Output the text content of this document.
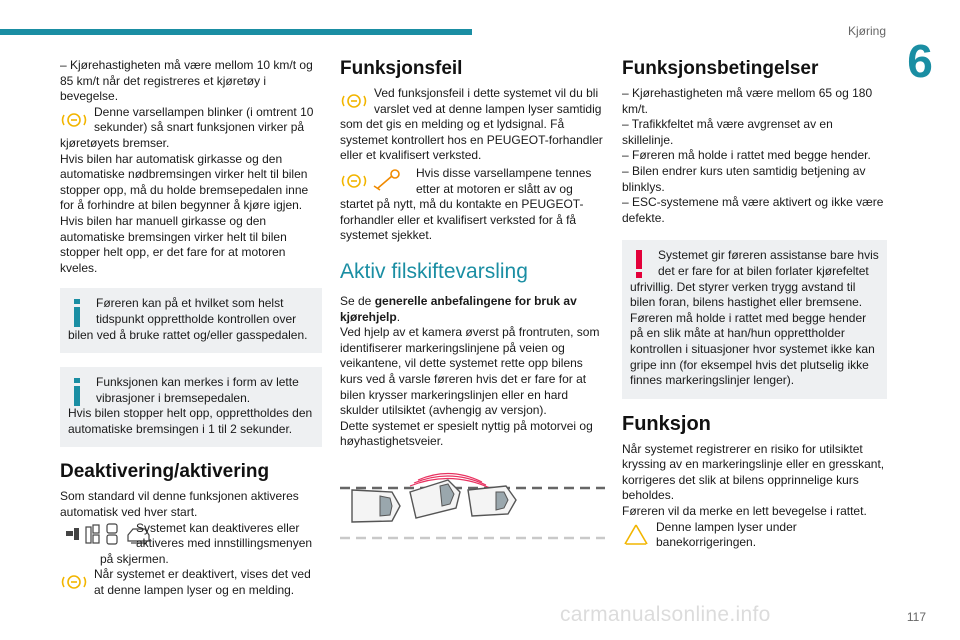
Kjøring
6

– Kjørehastigheten må være mellom 10 km/t og 85 km/t når det registreres et kjøretøy i bevegelse.

Denne varsellampen blinker (i omtrent 10 sekunder) så snart funksjonen virker på kjøretøyets bremser.

Hvis bilen har automatisk girkasse og den automatiske nødbremsingen virker helt til bilen stopper opp, må du holde bremsepedalen inne for å forhindre at bilen begynner å kjøre igjen.

Hvis bilen har manuell girkasse og den automatiske bremsingen virker helt til bilen stopper helt opp, er det fare for at motoren kveles.

Føreren kan på et hvilket som helst tidspunkt opprettholde kontrollen over bilen ved å bruke rattet og/eller gasspedalen.

Funksjonen kan merkes i form av lette vibrasjoner i bremsepedalen.

Hvis bilen stopper helt opp, opprettholdes den automatiske bremsingen i 1 til 2 sekunder.

Deaktivering/aktivering

Som standard vil denne funksjonen aktiveres automatisk ved hver start.

Systemet kan deaktiveres eller aktiveres med innstillingsmenyen på skjermen.

Når systemet er deaktivert, vises det ved at denne lampen lyser og en melding.

Funksjonsfeil

Ved funksjonsfeil i dette systemet vil du bli varslet ved at denne lampen lyser samtidig som det gis en melding og et lydsignal. Få systemet kontrollert hos en PEUGEOT-forhandler eller et kvalifisert verksted.

Hvis disse varsellampene tennes etter at motoren er slått av og startet på nytt, må du kontakte en PEUGEOT-forhandler eller et kvalifisert verksted for å få systemet sjekket.

Aktiv filskiftevarsling

Se de generelle anbefalingene for bruk av kjørehjelp.

Ved hjelp av et kamera øverst på frontruten, som identifiserer markeringslinjene på veien og veikantene, vil dette systemet rette opp bilens kurs ved å varsle føreren hvis det er fare for at bilen krysser markeringslinjen eller en hard skulder utilsiktet (avhengig av versjon).

Dette systemet er spesielt nyttig på motorvei og høyhastighetsveier.

Funksjonsbetingelser

– Kjørehastigheten må være mellom 65 og 180 km/t.

– Trafikkfeltet må være avgrenset av en skillelinje.

– Føreren må holde i rattet med begge hender.

– Bilen endrer kurs uten samtidig betjening av blinklys.

– ESC-systemene må være aktivert og ikke være defekte.

Systemet gir føreren assistanse bare hvis det er fare for at bilen forlater kjørefeltet ufrivillig. Det styrer verken trygg avstand til bilen foran, bilens hastighet eller bremsene.

Føreren må holde i rattet med begge hender på en slik måte at han/hun opprettholder kontrollen i situasjoner hvor systemet ikke kan gripe inn (for eksempel hvis det plutselig ikke finnes markeringslinjer lenger).

Funksjon

Når systemet registrerer en risiko for utilsiktet kryssing av en markeringslinje eller en gresskant, korrigeres det slik at bilens opprinnelige kurs beholdes.

Føreren vil da merke en lett bevegelse i rattet.

Denne lampen lyser under banekorrigeringen.

carmanualsonline.info	117
